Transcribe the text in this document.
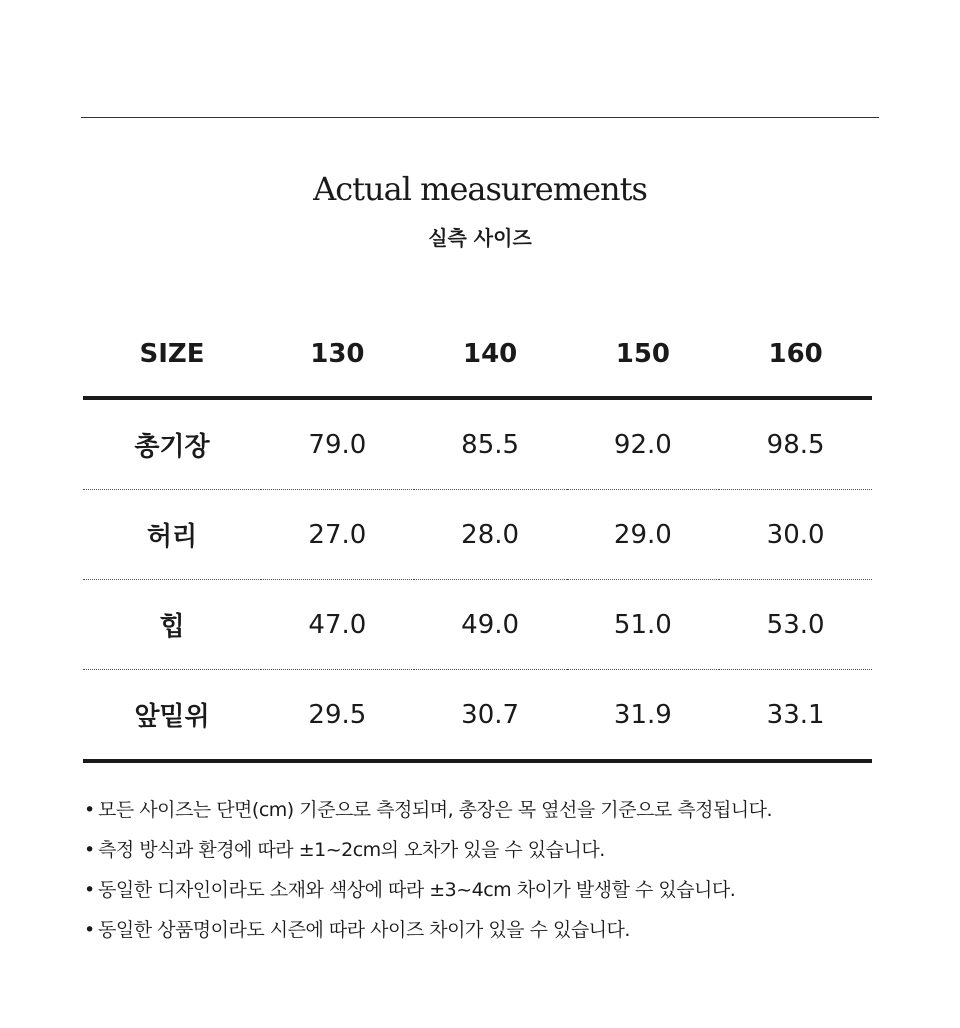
Actual measurements
실측 사이즈
SIZE	130	140	150	160
총기장	79.0	85.5	92.0	98.5
허리	27.0	28.0	29.0	30.0
힙	47.0	49.0	51.0	53.0
앞밑위	29.5	30.7	31.9	33.1
• 모든 사이즈는 단면(cm) 기준으로 측정되며, 총장은 목 옆선을 기준으로 측정됩니다.
• 측정 방식과 환경에 따라 ±1~2cm의 오차가 있을 수 있습니다.
• 동일한 디자인이라도 소재와 색상에 따라 ±3~4cm 차이가 발생할 수 있습니다.
• 동일한 상품명이라도 시즌에 따라 사이즈 차이가 있을 수 있습니다.
